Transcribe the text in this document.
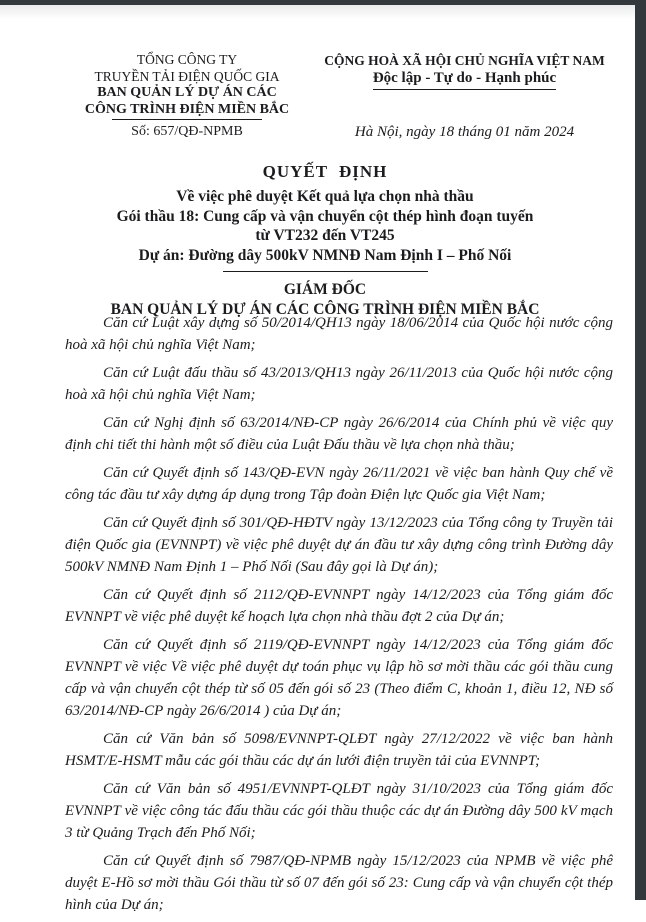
TỔNG CÔNG TY
TRUYỀN TẢI ĐIỆN QUỐC GIA
BAN QUẢN LÝ DỰ ÁN CÁC
CÔNG TRÌNH ĐIỆN MIỀN BẮC
Số: 657/QĐ-NPMB
CỘNG HOÀ XÃ HỘI CHỦ NGHĨA VIỆT NAM
Độc lập - Tự do - Hạnh phúc
Hà Nội, ngày 18 tháng 01 năm 2024
QUYẾT ĐỊNH
Về việc phê duyệt Kết quả lựa chọn nhà thầu
Gói thầu 18: Cung cấp và vận chuyển cột thép hình đoạn tuyến
từ VT232 đến VT245
Dự án: Đường dây 500kV NMNĐ Nam Định I – Phố Nối
GIÁM ĐỐC
BAN QUẢN LÝ DỰ ÁN CÁC CÔNG TRÌNH ĐIỆN MIỀN BẮC

Căn cứ Luật xây dựng số 50/2014/QH13 ngày 18/06/2014 của Quốc hội nước cộng hoà xã hội chủ nghĩa Việt Nam;

Căn cứ Luật đấu thầu số 43/2013/QH13 ngày 26/11/2013 của Quốc hội nước cộng hoà xã hội chủ nghĩa Việt Nam;

Căn cứ Nghị định số 63/2014/NĐ-CP ngày 26/6/2014 của Chính phủ về việc quy định chi tiết thi hành một số điều của Luật Đấu thầu về lựa chọn nhà thầu;

Căn cứ Quyết định số 143/QĐ-EVN ngày 26/11/2021 về việc ban hành Quy chế về công tác đầu tư xây dựng áp dụng trong Tập đoàn Điện lực Quốc gia Việt Nam;

Căn cứ Quyết định số 301/QĐ-HĐTV ngày 13/12/2023 của Tổng công ty Truyền tải điện Quốc gia (EVNNPT) về việc phê duyệt dự án đầu tư xây dựng công trình Đường dây 500kV NMNĐ Nam Định 1 – Phố Nối (Sau đây gọi là Dự án);

Căn cứ Quyết định số 2112/QĐ-EVNNPT ngày 14/12/2023 của Tổng giám đốc EVNNPT về việc phê duyệt kế hoạch lựa chọn nhà thầu đợt 2 của Dự án;

Căn cứ Quyết định số 2119/QĐ-EVNNPT ngày 14/12/2023 của Tổng giám đốc EVNNPT về việc Về việc phê duyệt dự toán phục vụ lập hồ sơ mời thầu các gói thầu cung cấp và vận chuyển cột thép từ số 05 đến gói số 23 (Theo điểm C, khoản 1, điều 12, NĐ số 63/2014/NĐ-CP ngày 26/6/2014 ) của Dự án;

Căn cứ Văn bản số 5098/EVNNPT-QLĐT ngày 27/12/2022 về việc ban hành HSMT/E-HSMT mẫu các gói thầu các dự án lưới điện truyền tải của EVNNPT;

Căn cứ Văn bản số 4951/EVNNPT-QLĐT ngày 31/10/2023 của Tổng giám đốc EVNNPT về việc công tác đấu thầu các gói thầu thuộc các dự án Đường dây 500 kV mạch 3 từ Quảng Trạch đến Phố Nối;

Căn cứ Quyết định số 7987/QĐ-NPMB ngày 15/12/2023 của NPMB về việc phê duyệt E-Hồ sơ mời thầu Gói thầu từ số 07 đến gói số 23: Cung cấp và vận chuyển cột thép hình của Dự án;
